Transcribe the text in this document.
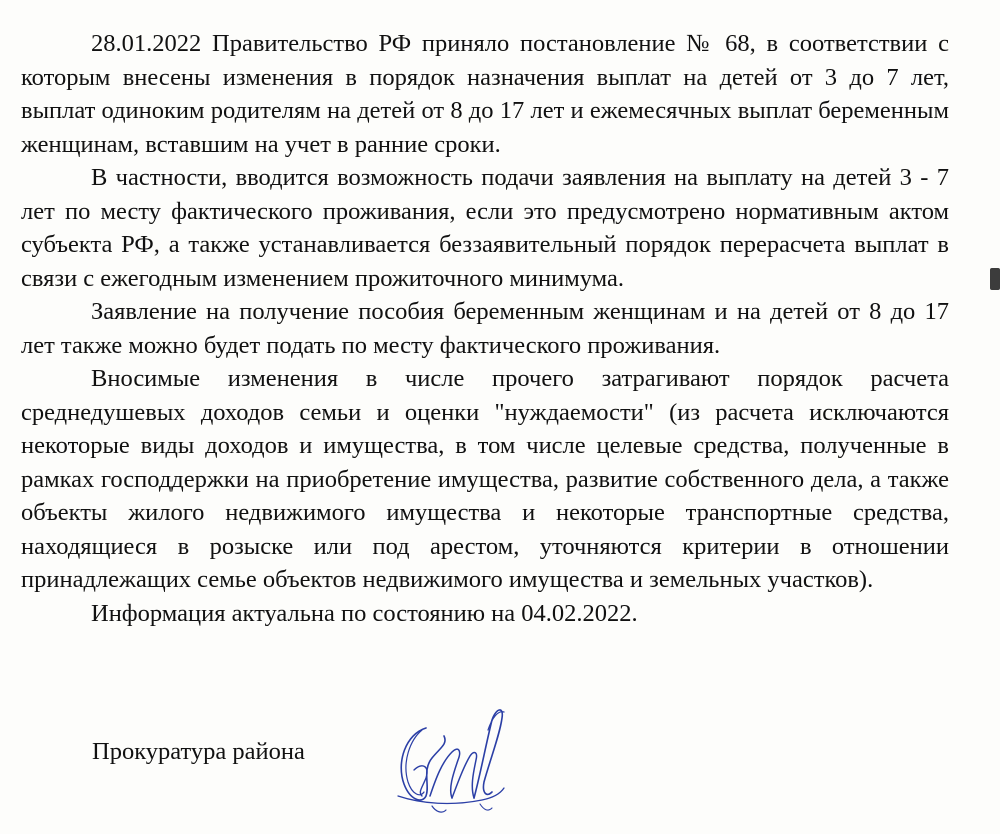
28.01.2022 Правительство РФ приняло постановление № 68, в соответствии с которым внесены изменения в порядок назначения выплат на детей от 3 до 7 лет, выплат одиноким родителям на детей от 8 до 17 лет и ежемесячных выплат беременным женщинам, вставшим на учет в ранние сроки.

В частности, вводится возможность подачи заявления на выплату на детей 3 - 7 лет по месту фактического проживания, если это предусмотрено нормативным актом субъекта РФ, а также устанавливается беззаявительный порядок перерасчета выплат в связи с ежегодным изменением прожиточного минимума.

Заявление на получение пособия беременным женщинам и на детей от 8 до 17 лет также можно будет подать по месту фактического проживания.

Вносимые изменения в числе прочего затрагивают порядок расчета среднедушевых доходов семьи и оценки "нуждаемости" (из расчета исключаются некоторые виды доходов и имущества, в том числе целевые средства, полученные в рамках господдержки на приобретение имущества, развитие собственного дела, а также объекты жилого недвижимого имущества и некоторые транспортные средства, находящиеся в розыске или под арестом, уточняются критерии в отношении принадлежащих семье объектов недвижимого имущества и земельных участков).

Информация актуальна по состоянию на 04.02.2022.

Прокуратура района
